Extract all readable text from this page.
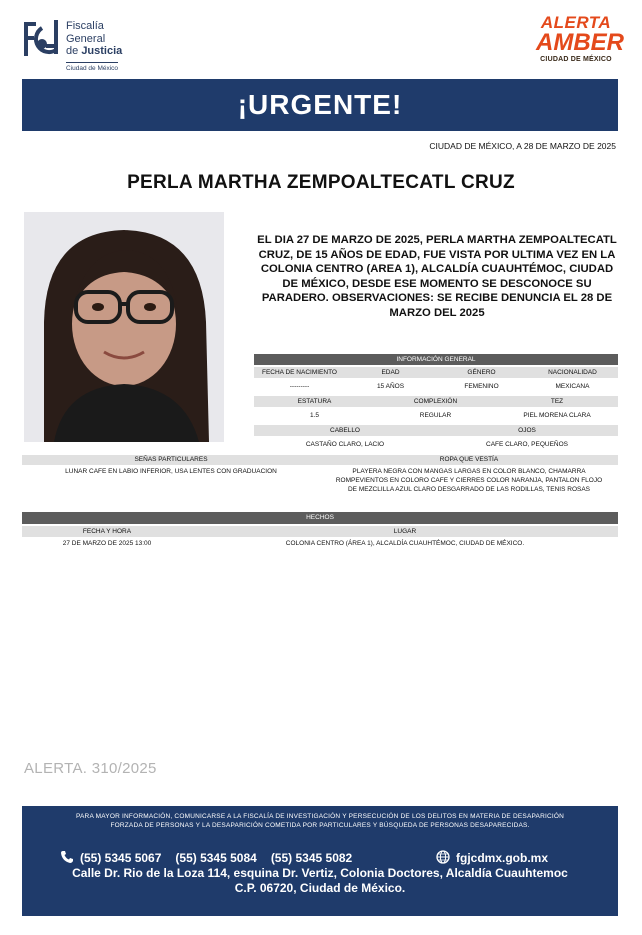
Fiscalía
General
de Justicia
Ciudad de México
ALERTA
AMBER
CIUDAD DE MÉXICO
¡URGENTE!
CIUDAD DE MÉXICO, A 28 DE MARZO DE 2025
PERLA MARTHA ZEMPOALTECATL CRUZ
EL DIA 27 DE MARZO DE 2025, PERLA MARTHA ZEMPOALTECATL CRUZ, DE 15 AÑOS DE EDAD, FUE VISTA POR ULTIMA VEZ EN LA COLONIA CENTRO (AREA 1), ALCALDÍA CUAUHTÉMOC, CIUDAD DE MÉXICO, DESDE ESE MOMENTO SE DESCONOCE SU PARADERO. OBSERVACIONES: SE RECIBE DENUNCIA EL 28 DE MARZO DEL 2025
INFORMACIÓN GENERAL
FECHA DE NACIMIENTO	EDAD	GÉNERO	NACIONALIDAD
---------	15 AÑOS	FEMENINO	MEXICANA
ESTATURA	COMPLEXIÓN	TEZ
1.5	REGULAR	PIEL MORENA CLARA
CABELLO	OJOS
CASTAÑO CLARO, LACIO	CAFE CLARO, PEQUEÑOS
SEÑAS PARTICULARES	ROPA QUE VESTÍA
LUNAR CAFE EN LABIO INFERIOR, USA LENTES CON GRADUACION	PLAYERA NEGRA CON MANGAS LARGAS EN COLOR BLANCO, CHAMARRA
ROMPEVIENTOS EN COLORO CAFE Y CIERRES COLOR NARANJA, PANTALON FLOJO
DE MEZCLILLA AZUL CLARO DESGARRADO DE LAS RODILLAS, TENIS ROSAS
HECHOS
FECHA Y HORA	LUGAR
27 DE MARZO DE 2025 13:00	COLONIA CENTRO (ÁREA 1), ALCALDÍA CUAUHTÉMOC, CIUDAD DE MÉXICO.
ALERTA. 310/2025
PARA MAYOR INFORMACIÓN, COMUNICARSE A LA FISCALÍA DE INVESTIGACIÓN Y PERSECUCIÓN DE LOS DELITOS EN MATERIA DE DESAPARICIÓN
FORZADA DE PERSONAS Y LA DESAPARICIÓN COMETIDA POR PARTICULARES Y BÚSQUEDA DE PERSONAS DESAPARECIDAS.
(55) 5345 5067 (55) 5345 5084 (55) 5345 5082	fgjcdmx.gob.mx
Calle Dr. Rio de la Loza 114, esquina Dr. Vertiz, Colonia Doctores, Alcaldía Cuauhtemoc
C.P. 06720, Ciudad de México.
